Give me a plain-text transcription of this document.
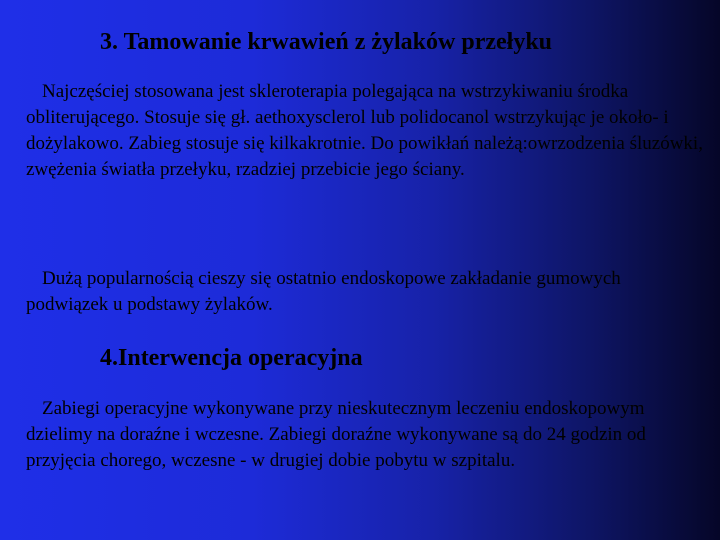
3. Tamowanie krwawień z żylaków przełyku

Najczęściej stosowana jest skleroterapia polegająca na wstrzykiwaniu środka obliterującego. Stosuje się gł. aethoxysclerol lub polidocanol wstrzykując je około- i dożylakowo. Zabieg stosuje się kilkakrotnie. Do powikłań należą:owrzodzenia śluzówki, zwężenia światła przełyku, rzadziej przebicie jego ściany.

Dużą popularnością cieszy się ostatnio endoskopowe zakładanie gumowych podwiązek u podstawy żylaków.

4.Interwencja operacyjna

Zabiegi operacyjne wykonywane przy nieskutecznym leczeniu endoskopowym dzielimy na doraźne i wczesne. Zabiegi doraźne wykonywane są do 24 godzin od przyjęcia chorego, wczesne - w drugiej dobie pobytu w szpitalu.
